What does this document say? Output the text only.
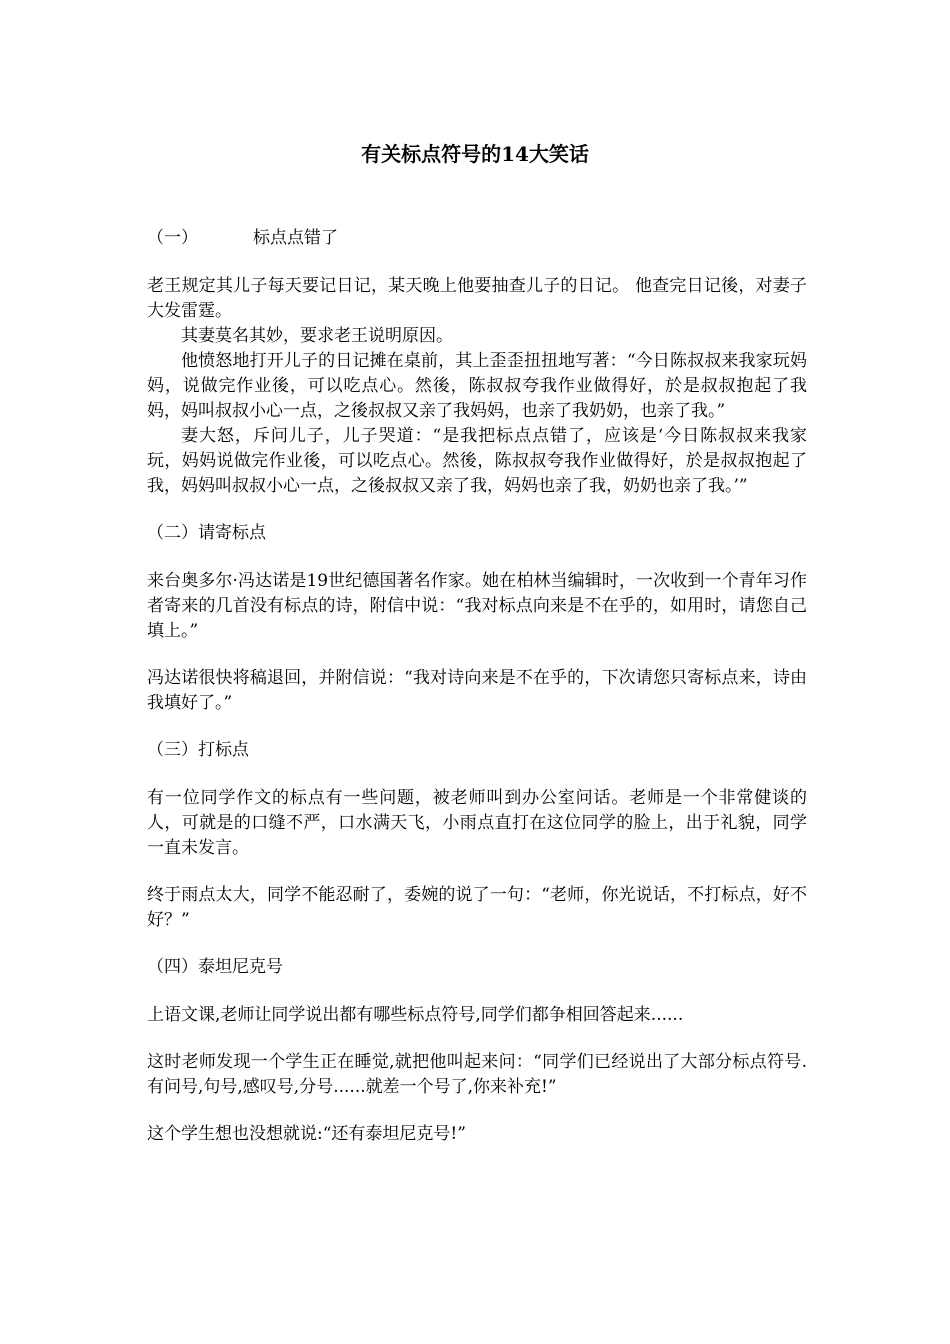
有关标点符号的14大笑话

（一）	标点点错了

老王规定其儿子每天要记日记，某天晚上他要抽查儿子的日记。 他查完日记後，对妻子大发雷霆。

其妻莫名其妙，要求老王说明原因。

他愤怒地打开儿子的日记摊在桌前，其上歪歪扭扭地写著：“今日陈叔叔来我家玩妈妈，说做完作业後，可以吃点心。然後，陈叔叔夸我作业做得好，於是叔叔抱起了我妈，妈叫叔叔小心一点，之後叔叔又亲了我妈妈，也亲了我奶奶，也亲了我。”

妻大怒，斥问儿子，儿子哭道：“是我把标点点错了，应该是‘今日陈叔叔来我家玩，妈妈说做完作业後，可以吃点心。然後，陈叔叔夸我作业做得好，於是叔叔抱起了我，妈妈叫叔叔小心一点，之後叔叔又亲了我，妈妈也亲了我，奶奶也亲了我。’”

（二）请寄标点

来台奥多尔·冯达诺是19世纪德国著名作家。她在柏林当编辑时，一次收到一个青年习作者寄来的几首没有标点的诗，附信中说：“我对标点向来是不在乎的，如用时，请您自己填上。”

冯达诺很快将稿退回，并附信说：“我对诗向来是不在乎的，下次请您只寄标点来，诗由我填好了。”

（三）打标点

有一位同学作文的标点有一些问题，被老师叫到办公室问话。老师是一个非常健谈的人，可就是的口缝不严，口水满天飞，小雨点直打在这位同学的脸上，出于礼貌，同学一直未发言。

终于雨点太大，同学不能忍耐了，委婉的说了一句：“老师，你光说话，不打标点，好不好？”

（四）泰坦尼克号

上语文课,老师让同学说出都有哪些标点符号,同学们都争相回答起来......

这时老师发现一个学生正在睡觉,就把他叫起来问：“同学们已经说出了大部分标点符号.有问号,句号,感叹号,分号......就差一个号了,你来补充!”

这个学生想也没想就说:“还有泰坦尼克号!”
